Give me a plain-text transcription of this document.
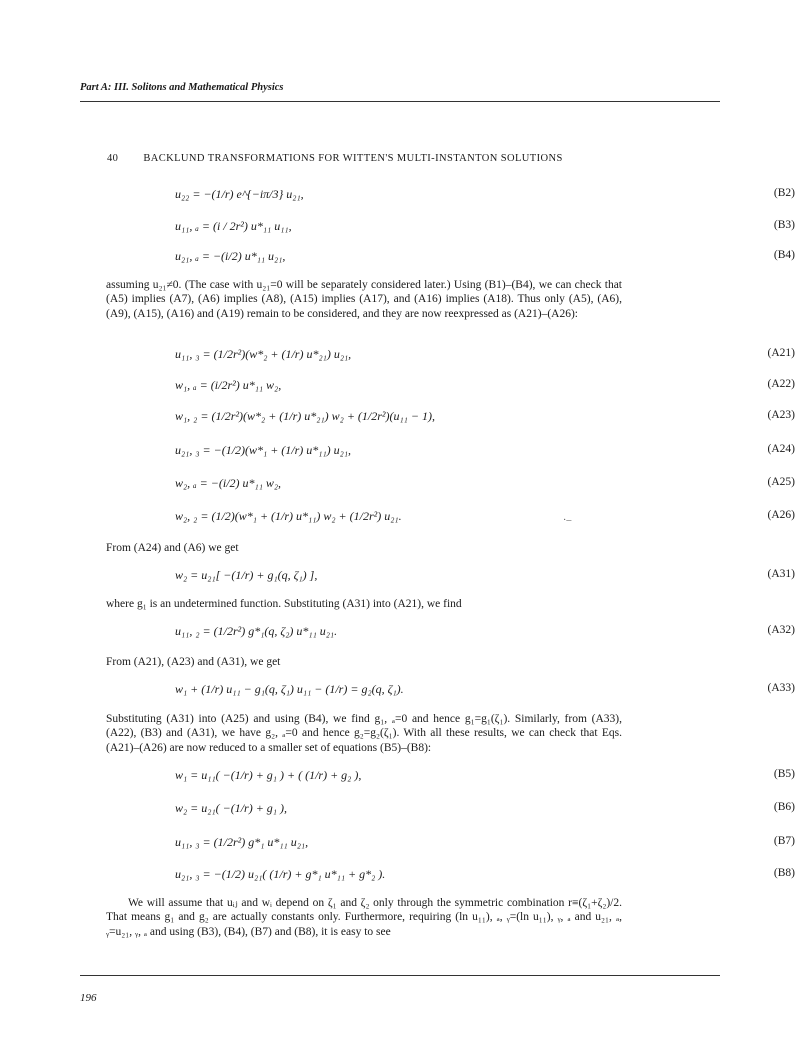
Part A: III. Solitons and Mathematical Physics
40 BACKLUND TRANSFORMATIONS FOR WITTEN'S MULTI-INSTANTON SOLUTIONS
u₂₂ = −(1/r) e^{−iπ/3} u₂₁,	(B2)
u₁₁, ₐ = (i / 2r²) u*₁₁ u₁₁,	(B3)
u₂₁, ₐ = −(i/2) u*₁₁ u₂₁,	(B4)
assuming u₂₁≠0. (The case with u₂₁=0 will be separately considered later.) Using (B1)–(B4), we can check that (A5) implies (A7), (A6) implies (A8), (A15) implies (A17), and (A16) implies (A18). Thus only (A5), (A6), (A9), (A15), (A16) and (A19) remain to be considered, and they are now reexpressed as (A21)–(A26):
u₁₁, ₃ = (1/2r²)(w*₂ + (1/r) u*₂₁) u₂₁,	(A21)
w₁, ₐ = (i/2r²) u*₁₁ w₂,	(A22)
w₁, ₂ = (1/2r²)(w*₂ + (1/r) u*₂₁) w₂ + (1/2r²)(u₁₁ − 1),	(A23)
u₂₁, ₃ = −(1/2)(w*₁ + (1/r) u*₁₁) u₂₁,	(A24)
w₂, ₐ = −(i/2) u*₁₁ w₂,	(A25)
w₂, ₂ = (1/2)(w*₁ + (1/r) u*₁₁) w₂ + (1/2r²) u₂₁.	(A26)
·–
From (A24) and (A6) we get
w₂ = u₂₁[ −(1/r) + g₁(q, ζ₁) ],	(A31)
where g₁ is an undetermined function. Substituting (A31) into (A21), we find
u₁₁, ₂ = (1/2r²) g*₁(q, ζ₂) u*₁₁ u₂₁.	(A32)
From (A21), (A23) and (A31), we get
w₁ + (1/r) u₁₁ − g₁(q, ζ₁) u₁₁ − (1/r) = g₂(q, ζ₁).	(A33)
Substituting (A31) into (A25) and using (B4), we find g₁, ₐ=0 and hence g₁=g₁(ζ₁). Similarly, from (A33), (A22), (B3) and (A31), we have g₂, ₐ=0 and hence g₂=g₂(ζ₁). With all these results, we can check that Eqs. (A21)–(A26) are now reduced to a smaller set of equations (B5)–(B8):
w₁ = u₁₁( −(1/r) + g₁ ) + ( (1/r) + g₂ ),	(B5)
w₂ = u₂₁( −(1/r) + g₁ ),	(B6)
u₁₁, ₃ = (1/2r²) g*₁ u*₁₁ u₂₁,	(B7)
u₂₁, ₃ = −(1/2) u₂₁( (1/r) + g*₁ u*₁₁ + g*₂ ).	(B8)
We will assume that uᵢⱼ and wᵢ depend on ζ₁ and ζ₂ only through the symmetric combination r≡(ζ₁+ζ₂)/2. That means g₁ and g₂ are actually constants only. Furthermore, requiring (ln u₁₁), ₐ, ᵧ=(ln u₁₁), ᵧ, ₐ and u₂₁, ₐ, ᵧ=u₂₁, ᵧ, ₐ and using (B3), (B4), (B7) and (B8), it is easy to see
196
